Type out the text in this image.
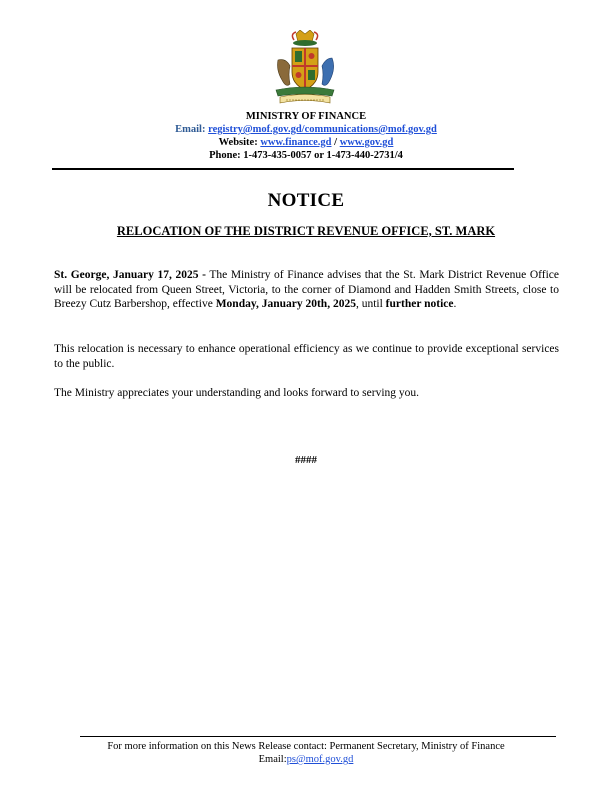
MINISTRY OF FINANCE
Email: registry@mof.gov.gd/communications@mof.gov.gd
Website: www.finance.gd / www.gov.gd
Phone: 1-473-435-0057 or 1-473-440-2731/4
NOTICE
RELOCATION OF THE DISTRICT REVENUE OFFICE, ST. MARK
St. George, January 17, 2025 - The Ministry of Finance advises that the St. Mark District Revenue Office will be relocated from Queen Street, Victoria, to the corner of Diamond and Hadden Smith Streets, close to Breezy Cutz Barbershop, effective Monday, January 20th, 2025, until further notice.
This relocation is necessary to enhance operational efficiency as we continue to provide exceptional services to the public.
The Ministry appreciates your understanding and looks forward to serving you.
####
For more information on this News Release contact: Permanent Secretary, Ministry of Finance
Email:ps@mof.gov.gd
